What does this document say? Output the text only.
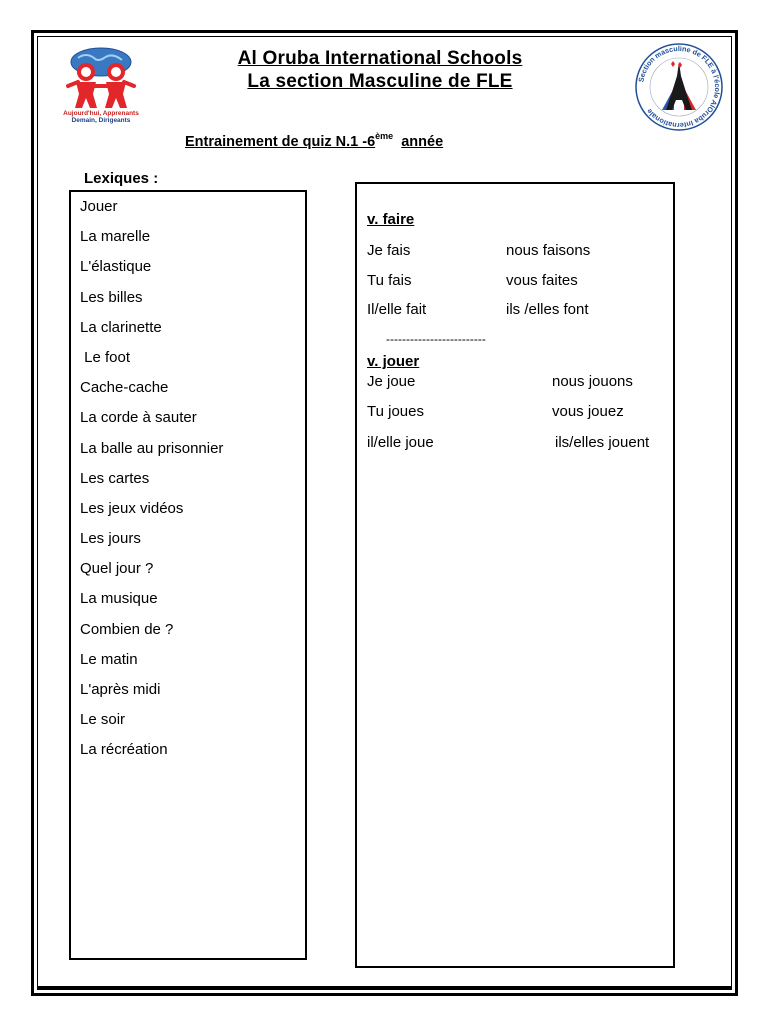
Aujourd'hui, Apprenants
Demain, Dirigeants
Section masculine de FLE à l'école AlOruba Internationale
Al Oruba International Schools
La section Masculine de FLE
Entrainement de quiz N.1 -6ème année
Lexiques :
Jouer
La marelle
L'élastique
Les billes
La clarinette
Le foot
Cache-cache
La corde à sauter
La balle au prisonnier
Les cartes
Les jeux vidéos
Les jours
Quel jour ?
La musique
Combien de ?
Le matin
L'après midi
Le soir
La récréation
v. faire
Je fais	nous faisons
Tu fais	vous faites
Il/elle fait	ils /elles font
-------------------------
v. jouer
Je joue	nous jouons
Tu joues	vous jouez
il/elle joue	ils/elles jouent
